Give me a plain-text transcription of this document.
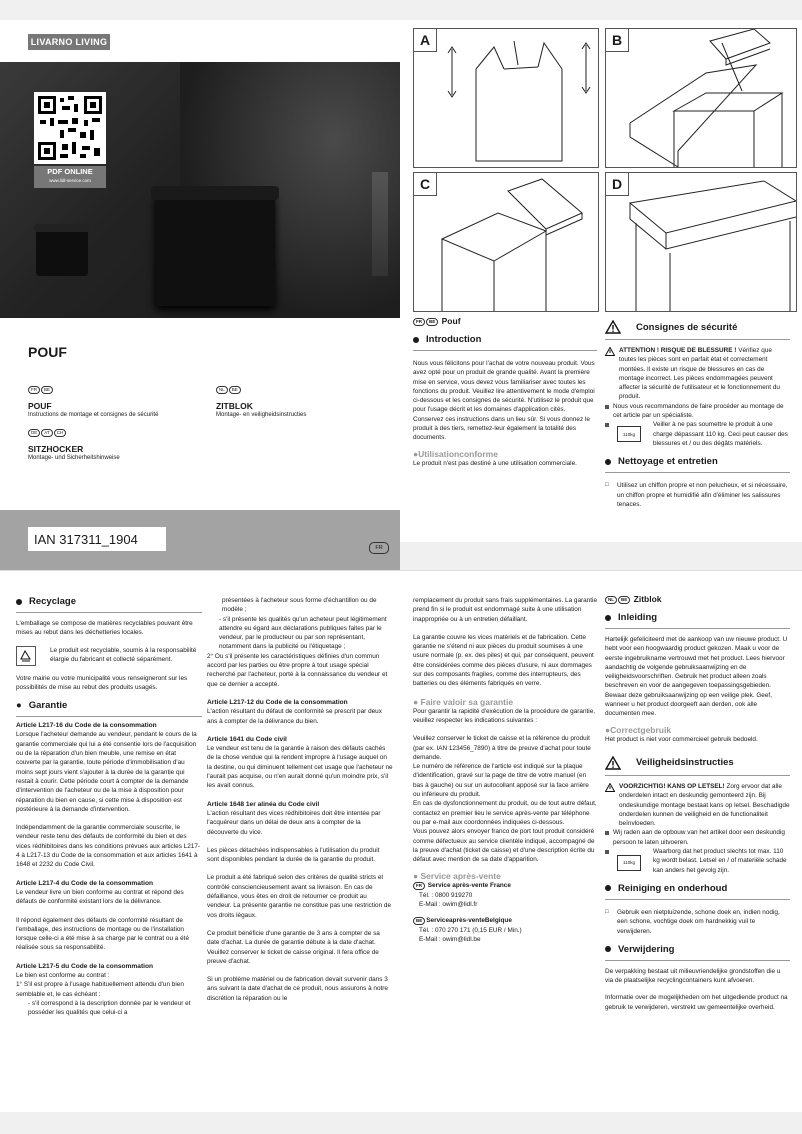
LIVARNO LIVING
PDF ONLINE
www.lidl-service.com
POUF
FR BE
POUF
Instructions de montage et consignes de sécurité
NL BE
ZITBLOK
Montage- en veiligheidsinstructies
DE AT CH
SITZHOCKER
Montage- und Sicherheitshinweise
IAN 317311_1904
FR
A	B
C	D
FR BE Pouf
Introduction

Nous vous félicitons pour l'achat de votre nouveau produit. Vous avez opté pour un produit de grande qualité. Avant la première mise en service, vous devez vous familiariser avec toutes les fonctions du produit. Veuillez lire attentivement le mode d'emploi ci-dessous et les consignes de sécurité. N'utilisez le produit que pour l'usage décrit et les domaines d'application cités. Conservez ces instructions dans un lieu sûr. Si vous donnez le produit à des tiers, remettez-leur également la totalité des documents.

●Utilisationconforme

Le produit n'est pas destiné à une utilisation commerciale.

Consignes de sécurité

ATTENTION ! RISQUE DE BLESSURE ! Vérifiez que toutes les pièces sont en parfait état et correctement montées. Il existe un risque de blessures en cas de montage incorrect. Les pièces endommagées peuvent affecter la sécurité de l'utilisateur et le fonctionnement du produit.

Nous vous recommandons de faire procéder au montage de cet article par un spécialiste.

110kg

Veiller à ne pas soumettre le produit à une charge dépassant 110 kg. Ceci peut causer des blessures et / ou des dégâts matériels.

Nettoyage et entretien
□	Utilisez un chiffon propre et non pelucheux, et si nécessaire, un chiffon propre et humidifié afin d'éliminer les salissures tenaces.

Recyclage

L'emballage se compose de matières recyclables pouvant être mises au rebut dans les déchetteries locales.

Le produit est recyclable, soumis à la responsabilité élargie du fabricant et collecté séparément.

Votre mairie ou votre municipalité vous renseigneront sur les possibilités de mise au rebut des produits usagés.

● Garantie
Article L217-16 du Code de la consommation

Lorsque l'acheteur demande au vendeur, pendant le cours de la garantie commerciale qui lui a été consentie lors de l'acquisition ou de la réparation d'un bien meuble, une remise en état couverte par la garantie, toute période d'immobilisation d'au moins sept jours vient s'ajouter à la durée de la garantie qui restait à courir. Cette période court à compter de la demande d'intervention de l'acheteur ou de la mise à disposition pour réparation du bien en cause, si cette mise à disposition est postérieure à la demande d'intervention.

Indépendamment de la garantie commerciale souscrite, le vendeur reste tenu des défauts de conformité du bien et des vices rédhibitoires dans les conditions prévues aux articles L217-4 à L217-13 du Code de la consommation et aux articles 1641 à 1648 et 2232 du Code Civil.

Article L217-4 du Code de la consommation

Le vendeur livre un bien conforme au contrat et répond des défauts de conformité existant lors de la délivrance.

Il répond également des défauts de conformité résultant de l'emballage, des instructions de montage ou de l'installation lorsque celle-ci a été mise à sa charge par le contrat ou a été réalisée sous sa responsabilité.

Article L217-5 du Code de la consommation

Le bien est conforme au contrat :

1° S'il est propre à l'usage habituellement attendu d'un bien semblable et, le cas échéant :

- s'il correspond à la description donnée par le vendeur et posséder les qualités que celui-ci a

présentées à l'acheteur sous forme d'échantillon ou de modèle ;

- s'il présente les qualités qu'un acheteur peut légitimement attendre eu égard aux déclarations publiques faites par le vendeur, par le producteur ou par son représentant, notamment dans la publicité ou l'étiquetage ;

2° Ou s'il présente les caractéristiques définies d'un commun accord par les parties ou être propre à tout usage spécial recherché par l'acheteur, porté à la connaissance du vendeur et que ce dernier a accepté.

Article L217-12 du Code de la consommation

L'action résultant du défaut de conformité se prescrit par deux ans à compter de la délivrance du bien.

Article 1641 du Code civil

Le vendeur est tenu de la garantie à raison des défauts cachés de la chose vendue qui la rendent impropre à l'usage auquel on la destine, ou qui diminuent tellement cet usage que l'acheteur ne l'aurait pas acquise, ou n'en aurait donné qu'un moindre prix, s'il les avait connus.

Article 1648 1er alinéa du Code civil

L'action résultant des vices rédhibitoires doit être intentée par l'acquéreur dans un délai de deux ans à compter de la découverte du vice.

Les pièces détachées indispensables à l'utilisation du produit sont disponibles pendant la durée de la garantie du produit.

Le produit a été fabriqué selon des critères de qualité stricts et contrôlé consciencieusement avant sa livraison. En cas de défaillance, vous êtes en droit de retourner ce produit au vendeur. La présente garantie ne constitue pas une restriction de vos droits légaux.

Ce produit bénéficie d'une garantie de 3 ans à compter de sa date d'achat. La durée de garantie débute à la date d'achat. Veuillez conserver le ticket de caisse original. Il fera office de preuve d'achat.

Si un problème matériel ou de fabrication devait survenir dans 3 ans suivant la date d'achat de ce produit, nous assurons à notre discrétion la réparation ou le

remplacement du produit sans frais supplémentaires. La garantie prend fin si le produit est endommagé suite à une utilisation inappropriée ou à un entretien défaillant.

La garantie couvre les vices matériels et de fabrication. Cette garantie ne s'étend ni aux pièces du produit soumises à une usure normale (p. ex. des piles) et qui, par conséquent, peuvent être considérées comme des pièces d'usure, ni aux dommages sur des composants fragiles, comme des interrupteurs, des batteries ou des éléments fabriqués en verre.

● Faire valoir sa garantie

Pour garantir la rapidité d'exécution de la procédure de garantie, veuillez respecter les indications suivantes :

Veuillez conserver le ticket de caisse et la référence du produit (par ex. IAN 123456_7890) à titre de preuve d'achat pour toute demande.

Le numéro de référence de l'article est indiqué sur la plaque d'identification, gravé sur la page de titre de votre manuel (en bas à gauche) ou sur un autocollant apposé sur la face arrière ou inférieure du produit.

En cas de dysfonctionnement du produit, ou de tout autre défaut, contactez en premier lieu le service après-vente par téléphone ou par e-mail aux coordonnées indiquées ci-dessous.

Vous pouvez alors envoyer franco de port tout produit considéré comme défectueux au service clientèle indiqué, accompagné de la preuve d'achat (ticket de caisse) et d'une description écrite du défaut avec mention de sa date d'apparition.

● Service après-vente
FR Service après-vente France

Tél. : 0800 919270

E-Mail : owim@lidl.fr

BE Serviceaprès-venteBelgique

Tél. : 070 270 171 (0,15 EUR / Min.)

E-Mail : owim@lidl.be

NL BE Zitblok
Inleiding

Hartelijk gefeliciteerd met de aankoop van uw nieuwe product. U hebt voor een hoogwaardig product gekozen. Maak u voor de eerste ingebruikname vertrouwd met het product. Lees hiervoor aandachtig de volgende gebruiksaanwijzing en de veiligheidsvoorschriften. Gebruik het product alleen zoals beschreven en voor de aangegeven toepassingsgebieden. Bewaar deze gebruiksaanwijzing op een veilige plek. Geef, wanneer u het product doorgeeft aan derden, ook alle documenten mee.

●Correctgebruik

Het product is niet voor commercieel gebruik bedoeld.

Veiligheidsinstructies

VOORZICHTIG! KANS OP LETSEL! Zorg ervoor dat alle onderdelen intact en deskundig gemonteerd zijn. Bij ondeskundige montage bestaat kans op letsel. Beschadigde onderdelen kunnen de veiligheid en de functionaliteit beïnvloeden.

Wij raden aan de opbouw van het artikel door een deskundig persoon te laten uitvoeren.

110kg

Waarborg dat het product slechts tot max. 110 kg wordt belast. Letsel en / of materiële schade kan anders het gevolg zijn.

Reiniging en onderhoud
□	Gebruik een nietpluizende, schone doek en, indien nodig, een schone, vochtige doek om hardnekkig vuil te verwijderen.

Verwijdering

De verpakking bestaat uit milieuvriendelijke grondstoffen die u via de plaatselijke recyclingcontainers kunt afvoeren.

Informatie over de mogelijkheden om het uitgediende product na gebruik te verwijderen, verstrekt uw gemeentelijke overheid.
